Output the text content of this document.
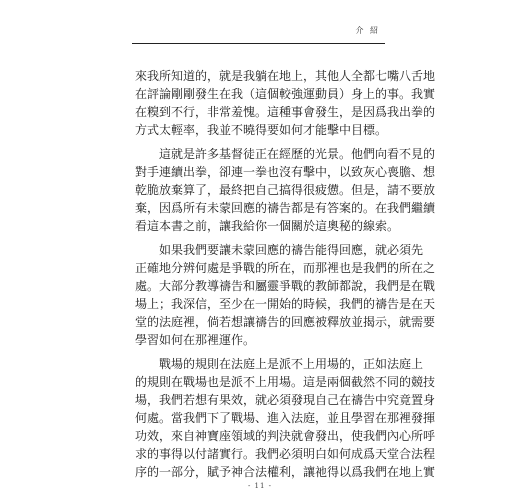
介 紹
來我所知道的，就是我躺在地上，其他人全都七嘴八舌地
在評論剛剛發生在我（這個較強運動員）身上的事。我實
在糗到不行，非常羞愧。這種事會發生，是因爲我出拳的
方式太輕率，我並不曉得要如何才能擊中目標。
　　這就是許多基督徒正在經歷的光景。他們向看不見的
對手連續出拳，卻連一拳也沒有擊中，以致灰心喪膽、想
乾脆放棄算了，最終把自己搞得很疲憊。但是，請不要放
棄，因爲所有未蒙回應的禱告都是有答案的。在我們繼續
看這本書之前，讓我給你一個關於這奧秘的線索。
　　如果我們要讓未蒙回應的禱告能得回應，就必須先
正確地分辨何處是爭戰的所在，而那裡也是我們的所在之
處。大部分教導禱告和屬靈爭戰的教師都說，我們是在戰
場上；我深信，至少在一開始的時候，我們的禱告是在天
堂的法庭裡，倘若想讓禱告的回應被釋放並揭示，就需要
學習如何在那裡運作。
　　戰場的規則在法庭上是派不上用場的，正如法庭上
的規則在戰場也是派不上用場。這是兩個截然不同的競技
場，我們若想有果效，就必須發現自己在禱告中究竟置身
何處。當我們下了戰場、進入法庭，並且學習在那裡發揮
功效，來自神寶座領域的判決就會發出，使我們內心所呼
求的事得以付諸實行。我們必須明白如何成爲天堂合法程
序的一部分，賦予神合法權利，讓祂得以爲我們在地上實
- 11 -
